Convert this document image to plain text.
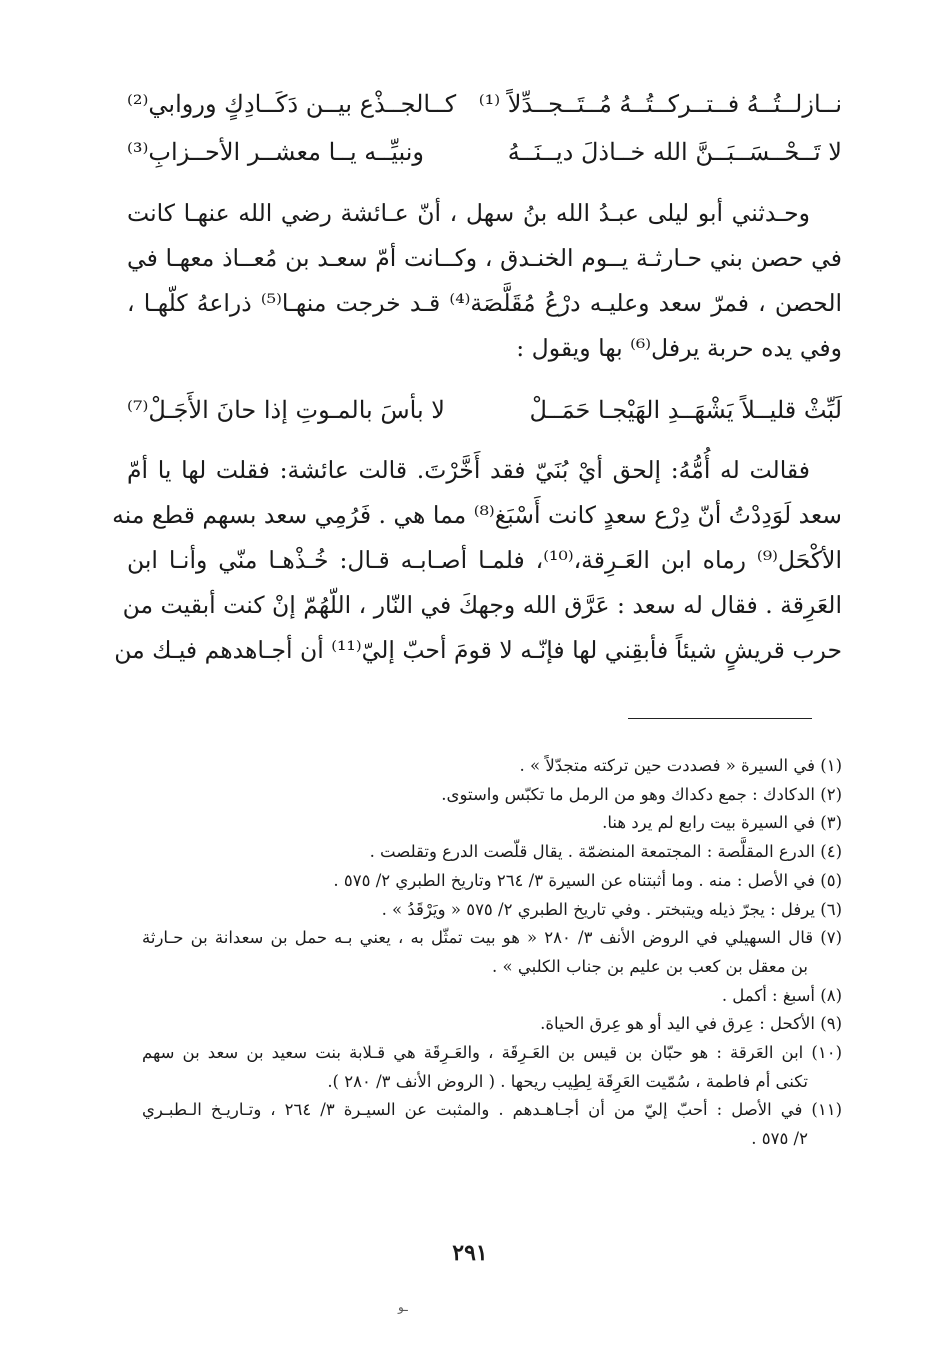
نــازلــتُــهُ فــتــركــتُــهُ مُــتَــجــدِّلاً ⁽¹⁾
كــالجــذْع بيــن دَكَــادِكٍ وروابي⁽²⁾
لا تَــحْــسَــبَــنَّ الله خــاذلَ ديــنَــهُ
ونبيِّــه يــا معشــر الأحــزابِ⁽³⁾
وحـدثني أبو ليلى عبـدُ الله بنُ سهل ، أنّ عـائشة رضي الله عنهـا كانت
في حصن بني حـارثـة يــوم الخنـدق ، وكــانت أمّ سعـد بن مُعــاذ معهـا في
الحصن ، فمرّ سعد وعليـه درْعُ مُقَلَّصَة⁽⁴⁾ قـد خرجت منهـا⁽⁵⁾ ذراعهُ كلّهـا ،
وفي يده حربة يرفل⁽⁶⁾ بها ويقول :
لَبِّثْ قليــلاً يَشْهَــدِ الهَيْجـا حَمَــلْ
لا بأسَ بالمـوتِ إذا حانَ الأَجَـلْ⁽⁷⁾
فقالت له أُمُّهُ: إلحق أيْ بُنَيّ فقد أَخَّرْتَ. قالت عائشة: فقلت لها يا أمّ
سعد لَوَدِدْتُ أنّ دِرْع سعدٍ كانت أَسْبَغ⁽⁸⁾ مما هي . فَرُمِي سعد بسهم قطع منه
الأكْحَل⁽⁹⁾ رماه ابن العَـرِقة،⁽¹⁰⁾، فلمـا أصـابـه قـال: خُـذْهـا منّي وأنـا ابن
العَرِقة . فقال له سعد : عَرَّق الله وجهكَ في النّار ، اللّهُمّ إنْ كنت أبقيت من
حرب قريشٍ شيئاً فأبقِني لها فإنّـه لا قومَ أحبّ إليّ⁽¹¹⁾ أن أجـاهدهم فيـك من
(١) في السيرة « فصددت حين تركته متجدّلاً » .
(٢) الدكادك : جمع دكداك وهو من الرمل ما تكبّس واستوى.
(٣) في السيرة بيت رابع لم يرد هنا.
(٤) الدرع المقلَّصة : المجتمعة المنضمّة . يقال قلّصت الدرع وتقلصت .
(٥) في الأصل : منه . وما أثبتناه عن السيرة ٣/ ٢٦٤ وتاريخ الطبري ٢/ ٥٧٥ .
(٦) يرفل : يجرّ ذيله ويتبختر . وفي تاريخ الطبري ٢/ ٥٧٥ « ويَرْقَدُ » .
(٧) قال السهيلي في الروض الأنف ٣/ ٢٨٠ « هو بيت تمثّل به ، يعني بـه حمل بن سعدانة بن حـارثة
بن معقل بن كعب بن عليم بن جناب الكلبي » .
(٨) أسبغ : أكمل .
(٩) الأكحل : عِرق في اليد أو هو عِرق الحياة.
(١٠) ابن العَرقة : هو حبّان بن قيس بن العَـرِقَة ، والعَـرِقَة هي قـلابة بنت سعيد بن سعد بن سهم
تكنى أم فاطمة ، سُمّيت العَرِقَة لِطِيب ريحها . ( الروض الأنف ٣/ ٢٨٠ ).
(١١) في الأصل : أحبّ إليّ من أن أجـاهـدهم . والمثبت عن السيـرة ٣/ ٢٦٤ ، وتـاريـخ الـطبـري
٢/ ٥٧٥ .
٢٩١
ـو
